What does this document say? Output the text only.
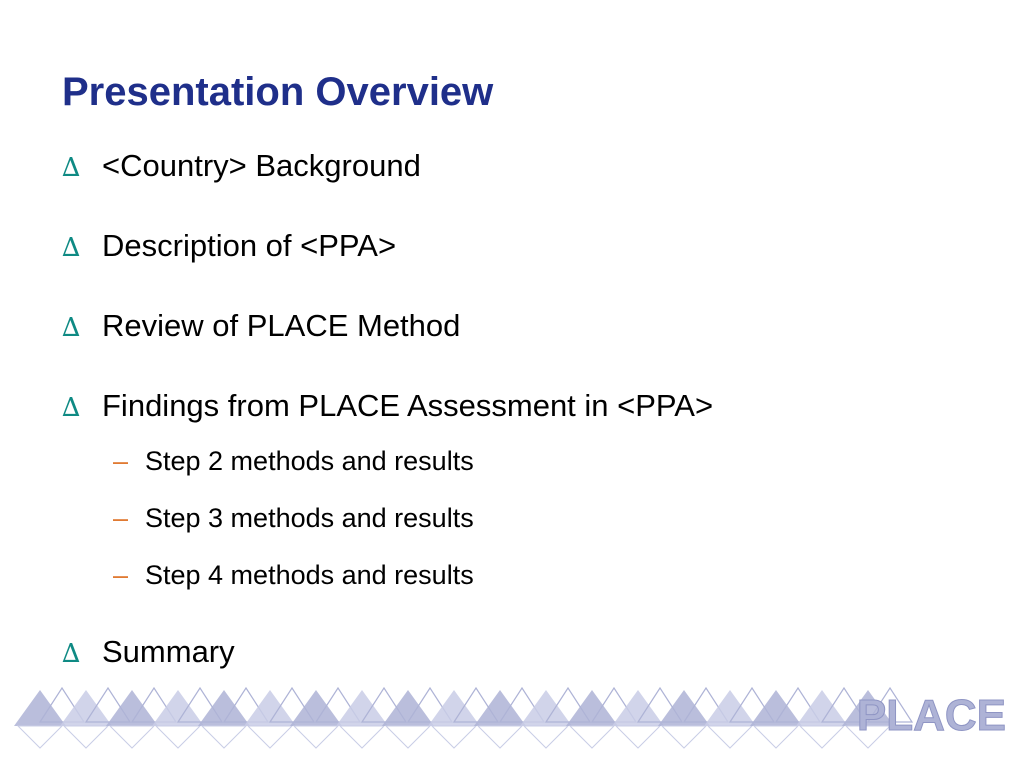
Presentation Overview
∆ <Country> Background
∆ Description of <PPA>
∆ Review of PLACE Method
∆ Findings from PLACE Assessment in <PPA>
– Step 2 methods and results
– Step 3 methods and results
– Step 4 methods and results
∆ Summary
PLACE
